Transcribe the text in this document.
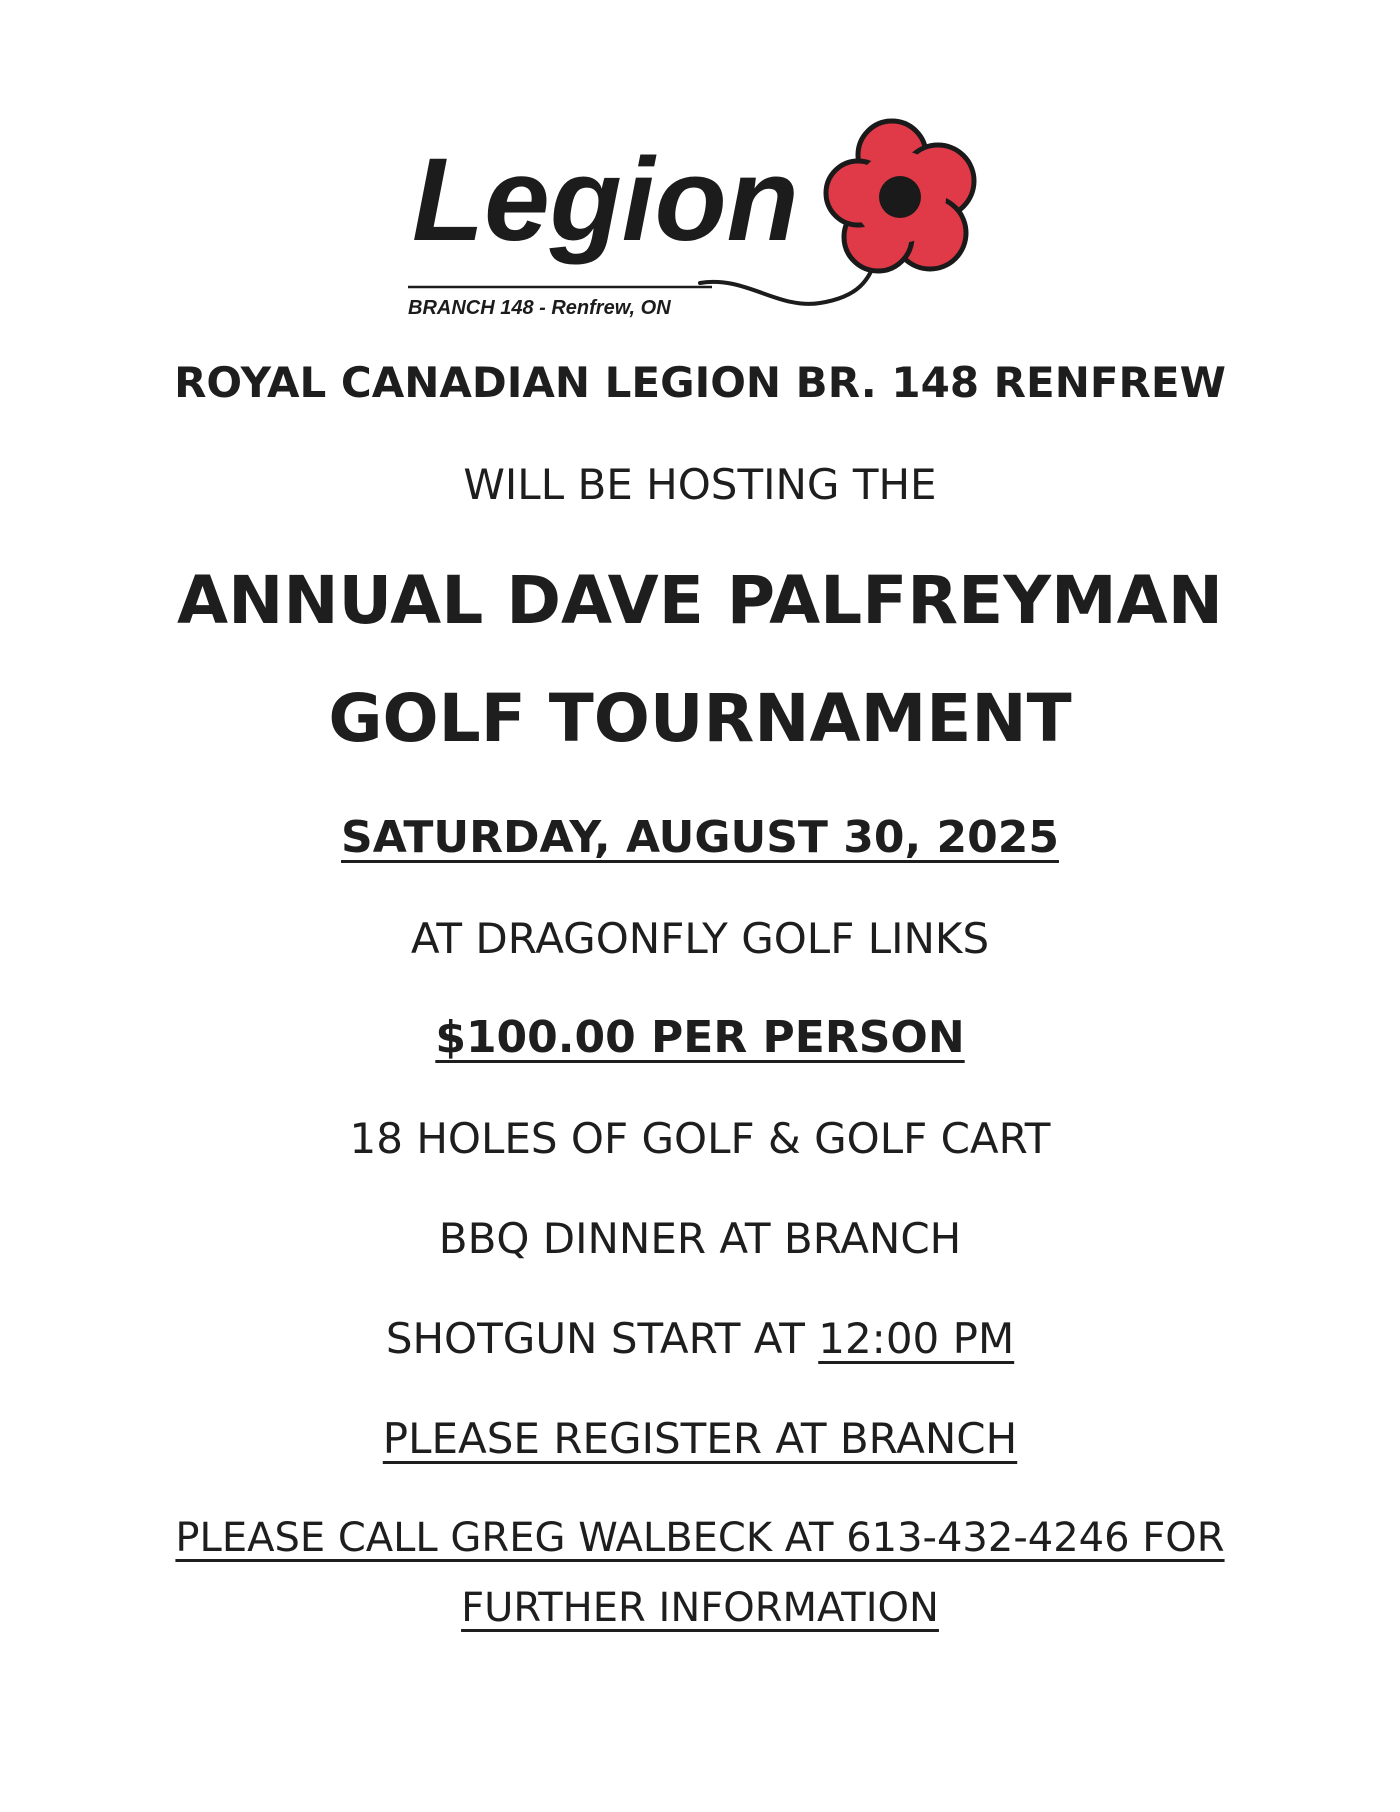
Legion
BRANCH 148 - Renfrew, ON
ROYAL CANADIAN LEGION BR. 148 RENFREW
WILL BE HOSTING THE
ANNUAL DAVE PALFREYMAN
GOLF TOURNAMENT
SATURDAY, AUGUST 30, 2025
AT DRAGONFLY GOLF LINKS
$100.00 PER PERSON
18 HOLES OF GOLF & GOLF CART
BBQ DINNER AT BRANCH
SHOTGUN START AT 12:00 PM
PLEASE REGISTER AT BRANCH
PLEASE CALL GREG WALBECK AT 613-432-4246 FOR
FURTHER INFORMATION
